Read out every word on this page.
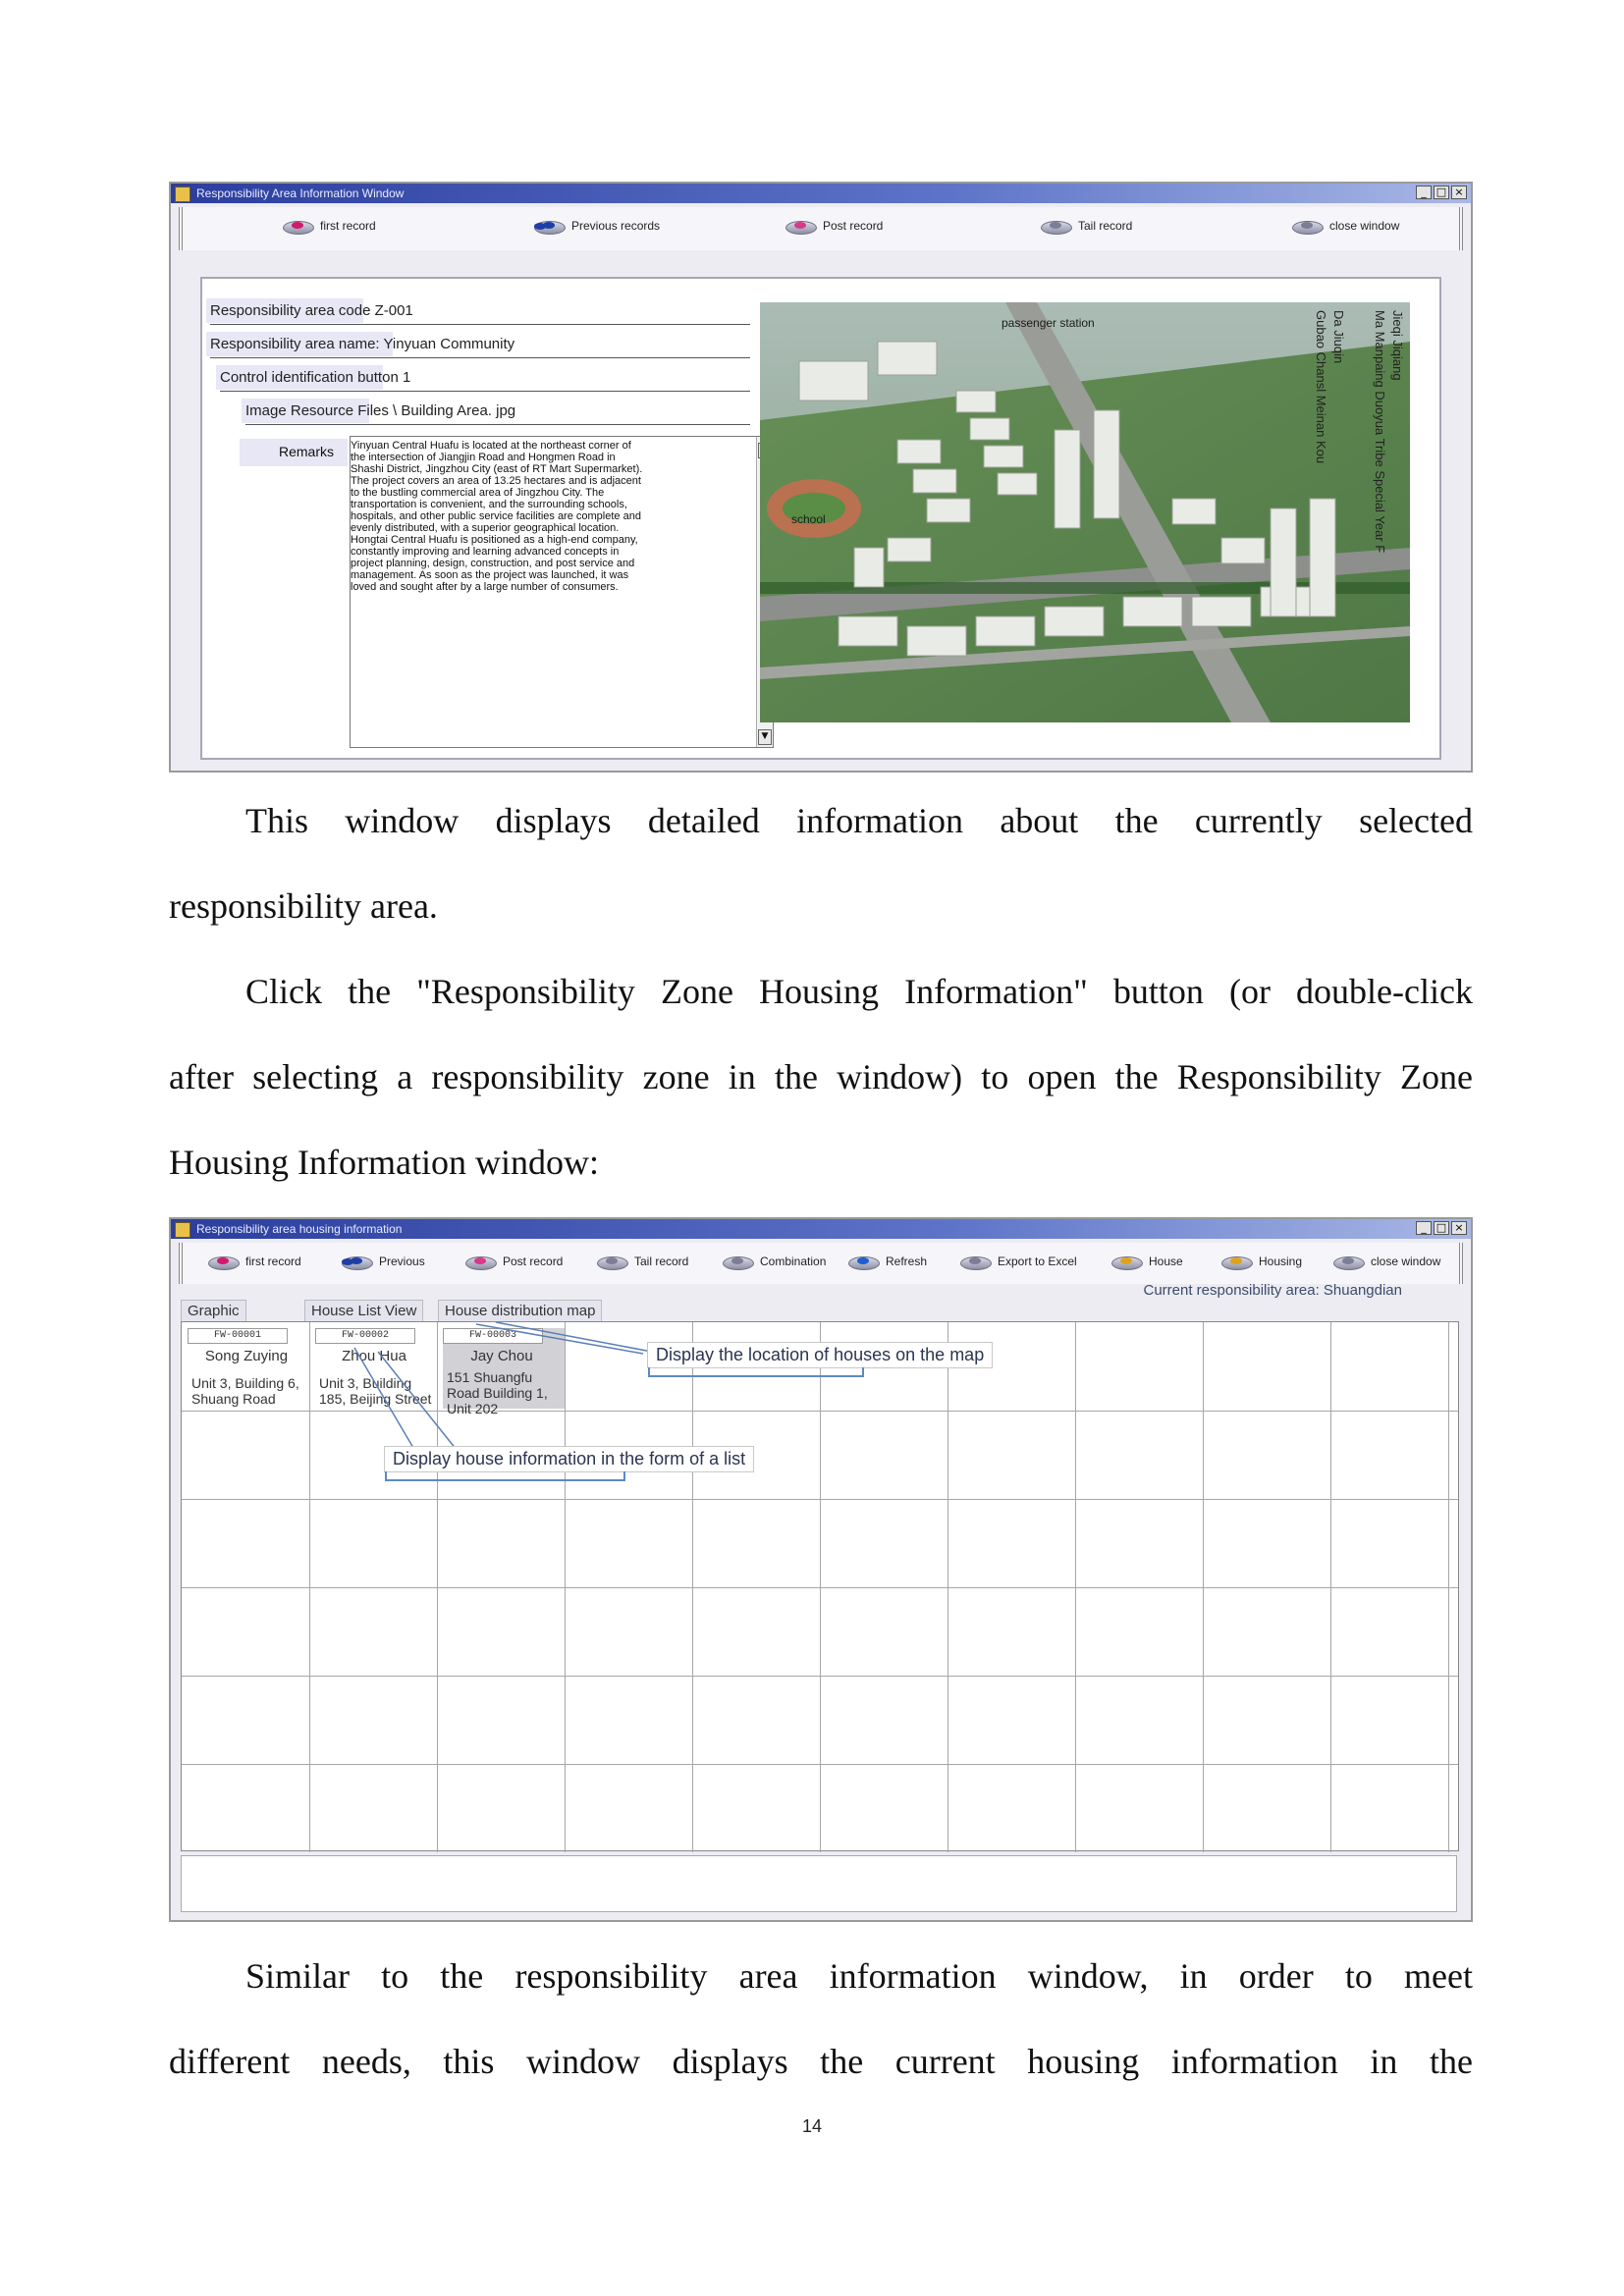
Responsibility Area Information Window	_ □ ×
first record	Previous records	Post record	Tail record	close window
Responsibility area code Z-001
Responsibility area name: Yinyuan Community
Control identification button 1
Image Resource Files \ Building Area. jpg
Remarks	Yinyuan Central Huafu is located at the northeast corner of
the intersection of Jiangjin Road and Hongmen Road in
Shashi District, Jingzhou City (east of RT Mart Supermarket).
The project covers an area of 13.25 hectares and is adjacent
to the bustling commercial area of Jingzhou City. The
transportation is convenient, and the surrounding schools,
hospitals, and other public service facilities are complete and
evenly distributed, with a superior geographical location.
Hongtai Central Huafu is positioned as a high-end company,
constantly improving and learning advanced concepts in
project planning, design, construction, and post service and
management. As soon as the project was launched, it was
loved and sought after by a large number of consumers.
▼
passenger station
school
Jieqi Jiqiang
Ma Manpaing Duoyua Tribe Special Year F
Da Jiuqin
Gubao Chansl Meinan Kou
This window displays detailed information about the currently selected
responsibility area.
Click the "Responsibility Zone Housing Information" button (or double-click
after selecting a responsibility zone in the window) to open the Responsibility Zone
Housing Information window:
Responsibility area housing information	_ □ ×
first record	Previous	Post record	Tail record	Combination	Refresh	Export to Excel	House	Housing	close window
Current responsibility area: Shuangdian
Graphic	House List View	House distribution map
FW-00001
Song Zuying
Unit 3, Building 6, Shuang Road
FW-00002
Zhou Hua
Unit 3, Building 185, Beijing Street
FW-00003
Jay Chou
151 Shuangfu Road Building 1, Unit 202
Display the location of houses on the map
Display house information in the form of a list
Similar to the responsibility area information window, in order to meet
different needs, this window displays the current housing information in the
14
